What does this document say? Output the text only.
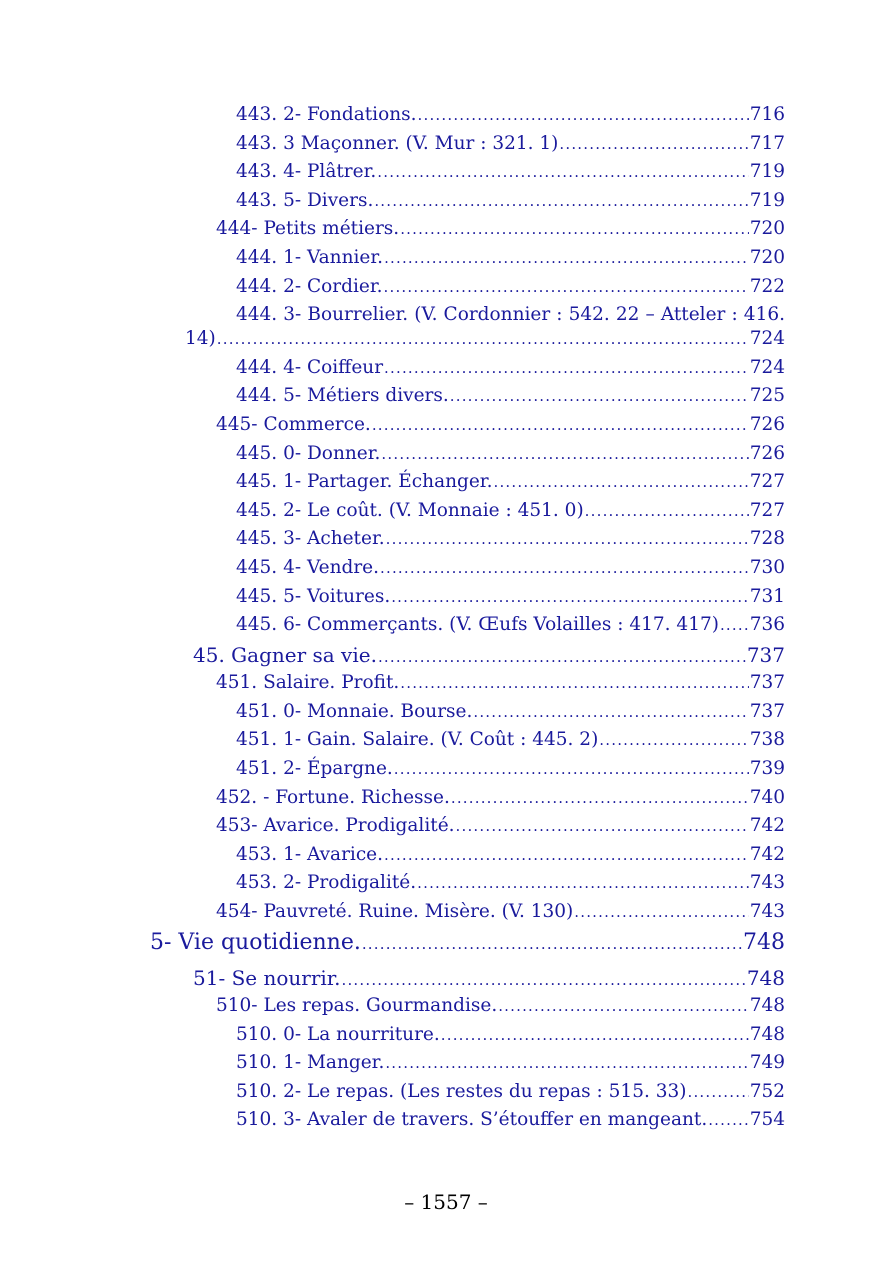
443. 2- Fondations. .....	716
443. 3 Maçonner. (V. Mur : 321. 1) .....	717
443. 4- Plâtrer. .....	719
443. 5- Divers. .....	719
444- Petits métiers. .....	720
444. 1- Vannier. .....	720
444. 2- Cordier. .....	722
444. 3- Bourrelier. (V. Cordonnier : 542. 22 – Atteler : 416.
14) .....	724
444. 4- Coiffeur .....	724
444. 5- Métiers divers. .....	725
445- Commerce. .....	726
445. 0- Donner. .....	726
445. 1- Partager. Échanger. .....	727
445. 2- Le coût. (V. Monnaie : 451. 0) .....	727
445. 3- Acheter. .....	728
445. 4- Vendre. .....	730
445. 5- Voitures. .....	731
445. 6- Commerçants. (V. Œufs Volailles : 417. 417) ..... 736
45. Gagner sa vie. .....	737
451. Salaire. Profit. .....	737
451. 0- Monnaie. Bourse. .....	737
451. 1- Gain. Salaire. (V. Coût : 445. 2) .....	738
451. 2- Épargne. .....	739
452. - Fortune. Richesse. .....	740
453- Avarice. Prodigalité. .....	742
453. 1- Avarice. .....	742
453. 2- Prodigalité. .....	743
454- Pauvreté. Ruine. Misère. (V. 130) .....	743
5- Vie quotidienne. .....	748
51- Se nourrir. .....	748
510- Les repas. Gourmandise. .....	748
510. 0- La nourriture. .....	748
510. 1- Manger. .....	749
510. 2- Le repas. (Les restes du repas : 515. 33) .....	752
510. 3- Avaler de travers. S’étouffer en mangeant. ..... 754
– 1557 –
